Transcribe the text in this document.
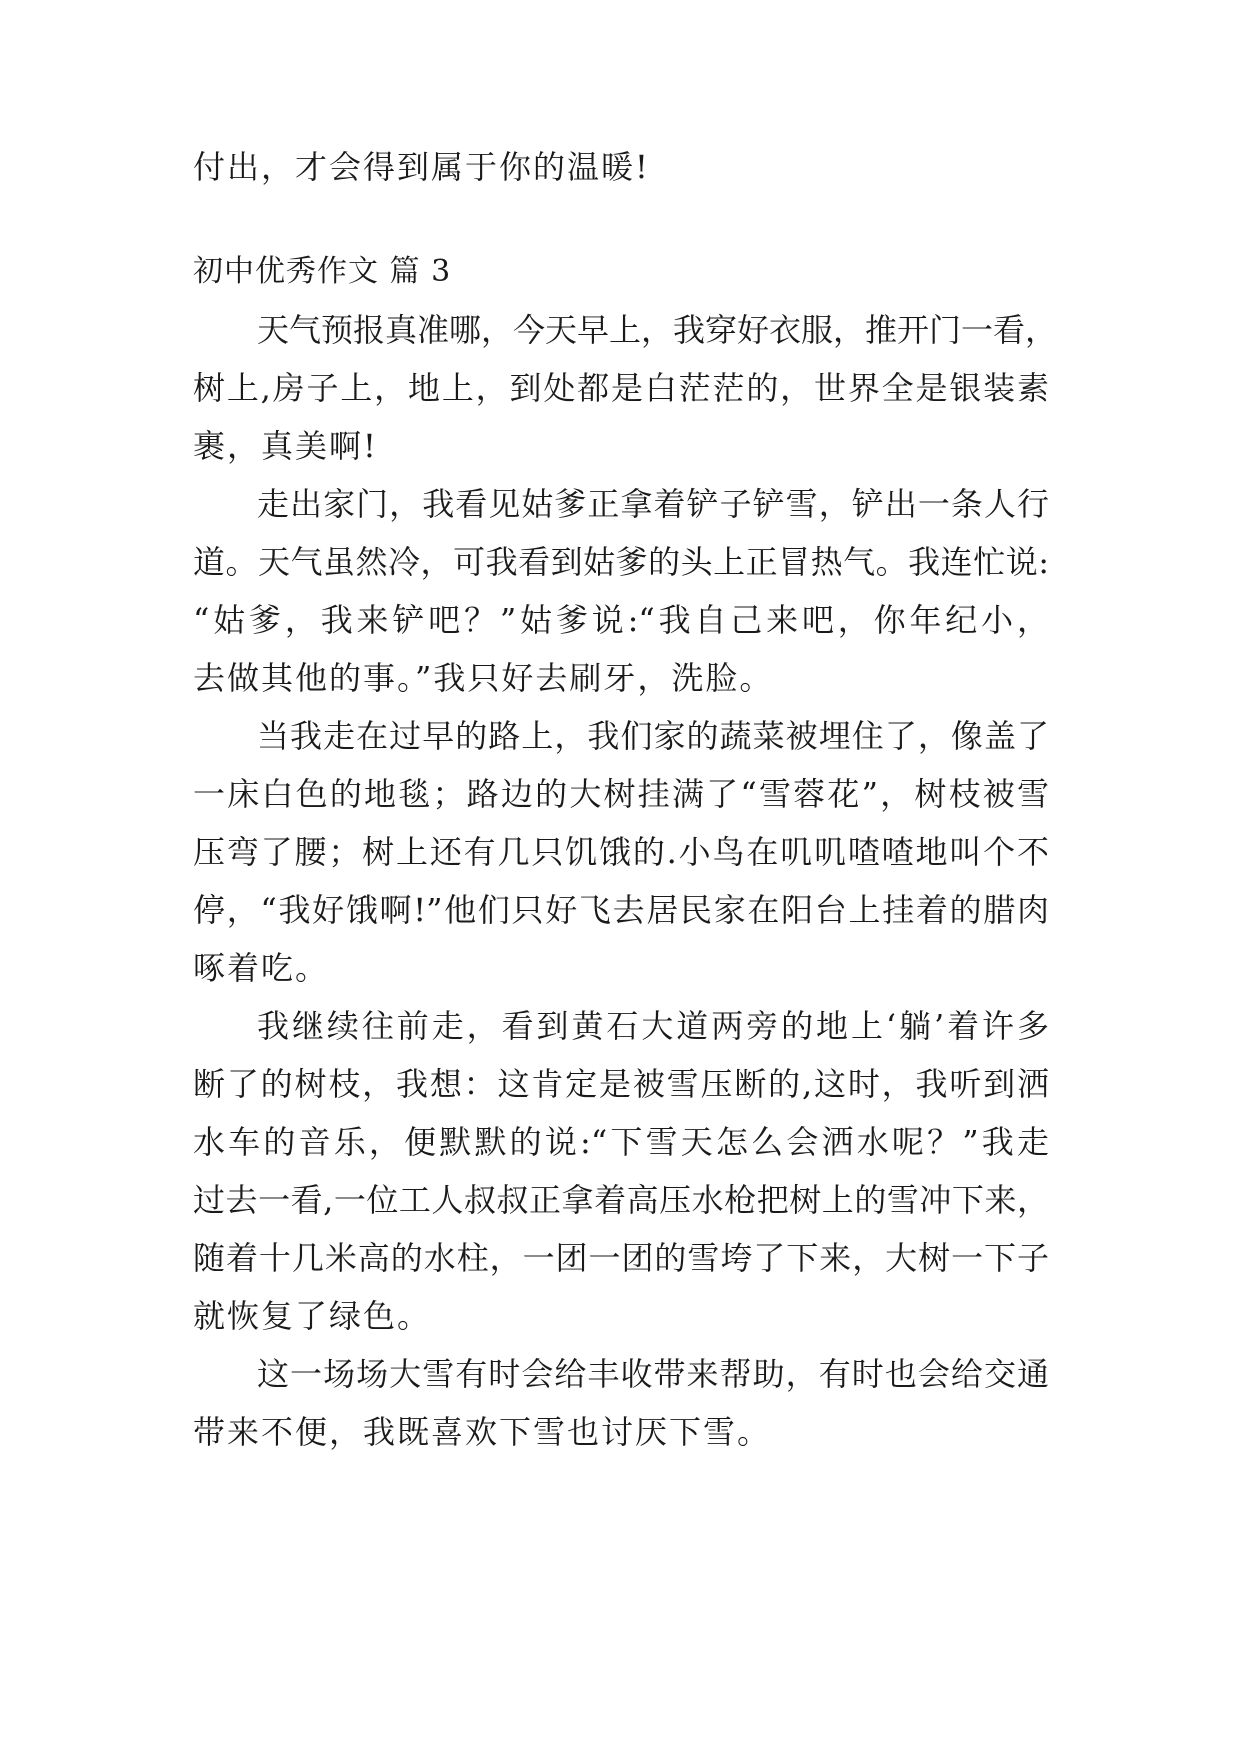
付出，才会得到属于你的温暖!

初中优秀作文 篇 3

天气预报真准哪，今天早上，我穿好衣服，推开门一看，

树上,房子上，地上，到处都是白茫茫的，世界全是银装素

裹，真美啊!

走出家门，我看见姑爹正拿着铲子铲雪，铲出一条人行

道。天气虽然冷，可我看到姑爹的头上正冒热气。我连忙说:

“姑爹，我来铲吧？”姑爹说:“我自己来吧，你年纪小，

去做其他的事。”我只好去刷牙，洗脸。

当我走在过早的路上，我们家的蔬菜被埋住了，像盖了

一床白色的地毯；路边的大树挂满了“雪蓉花”，树枝被雪

压弯了腰；树上还有几只饥饿的.小鸟在叽叽喳喳地叫个不

停，“我好饿啊!”他们只好飞去居民家在阳台上挂着的腊肉

啄着吃。

我继续往前走，看到黄石大道两旁的地上‘躺’着许多

断了的树枝，我想：这肯定是被雪压断的,这时，我听到洒

水车的音乐，便默默的说:“下雪天怎么会洒水呢？”我走

过去一看,一位工人叔叔正拿着高压水枪把树上的雪冲下来，

随着十几米高的水柱，一团一团的雪垮了下来，大树一下子

就恢复了绿色。

这一场场大雪有时会给丰收带来帮助，有时也会给交通

带来不便，我既喜欢下雪也讨厌下雪。
